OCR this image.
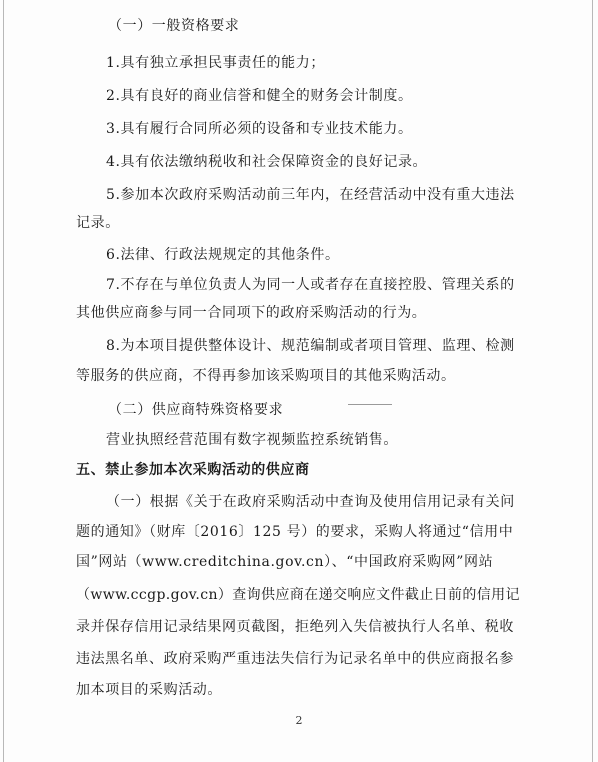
（一）一般资格要求
1.具有独立承担民事责任的能力；
2.具有良好的商业信誉和健全的财务会计制度。
3.具有履行合同所必须的设备和专业技术能力。
4.具有依法缴纳税收和社会保障资金的良好记录。
5.参加本次政府采购活动前三年内，在经营活动中没有重大违法
记录。
6.法律、行政法规规定的其他条件。
7.不存在与单位负责人为同一人或者存在直接控股、管理关系的
其他供应商参与同一合同项下的政府采购活动的行为。
8.为本项目提供整体设计、规范编制或者项目管理、监理、检测
等服务的供应商，不得再参加该采购项目的其他采购活动。
（二）供应商特殊资格要求
营业执照经营范围有数字视频监控系统销售。
五、禁止参加本次采购活动的供应商
（一）根据《关于在政府采购活动中查询及使用信用记录有关问
题的通知》（财库〔2016〕125 号）的要求，采购人将通过“信用中
国”网站（www.creditchina.gov.cn）、“中国政府采购网”网站
（www.ccgp.gov.cn）查询供应商在递交响应文件截止日前的信用记
录并保存信用记录结果网页截图，拒绝列入失信被执行人名单、税收
违法黑名单、政府采购严重违法失信行为记录名单中的供应商报名参
加本项目的采购活动。
2
